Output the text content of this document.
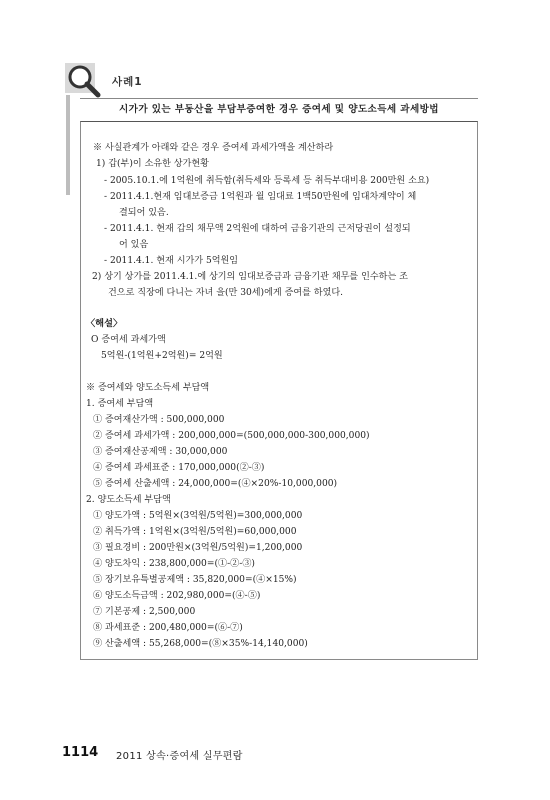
사례1
시가가 있는 부동산을 부담부증여한 경우 증여세 및 양도소득세 과세방법
※ 사실관계가 아래와 같은 경우 증여세 과세가액을 계산하라
1) 갑(부)이 소유한 상가현황
- 2005.10.1.에 1억원에 취득함(취득세와 등록세 등 취득부대비용 200만원 소요)
- 2011.4.1.현재 임대보증금 1억원과 월 임대료 1백50만원에 임대차계약이 체
결되어 있음.
- 2011.4.1. 현재 갑의 채무액 2억원에 대하여 금융기관의 근저당권이 설정되
어 있음
- 2011.4.1. 현재 시가가 5억원임
2) 상기 상가를 2011.4.1.에 상기의 임대보증금과 금융기관 채무를 인수하는 조
건으로 직장에 다니는 자녀 을(만 30세)에게 증여를 하였다.
〈해설〉
O 증여세 과세가액
5억원-(1억원+2억원)= 2억원
※ 증여세와 양도소득세 부담액
1. 증여세 부담액
① 증여재산가액 : 500,000,000
② 증여세 과세가액 : 200,000,000=(500,000,000-300,000,000)
③ 증여재산공제액 : 30,000,000
④ 증여세 과세표준 : 170,000,000(②-③)
⑤ 증여세 산출세액 : 24,000,000=(④×20%-10,000,000)
2. 양도소득세 부담액
① 양도가액 : 5억원×(3억원/5억원)=300,000,000
② 취득가액 : 1억원×(3억원/5억원)=60,000,000
③ 필요경비 : 200만원×(3억원/5억원)=1,200,000
④ 양도차익 : 238,800,000=(①-②-③)
⑤ 장기보유특별공제액 : 35,820,000=(④×15%)
⑥ 양도소득금액 : 202,980,000=(④-⑤)
⑦ 기본공제 : 2,500,000
⑧ 과세표준 : 200,480,000=(⑥-⑦)
⑨ 산출세액 : 55,268,000=(⑧×35%-14,140,000)
1114 2011 상속·증여세 실무편람
